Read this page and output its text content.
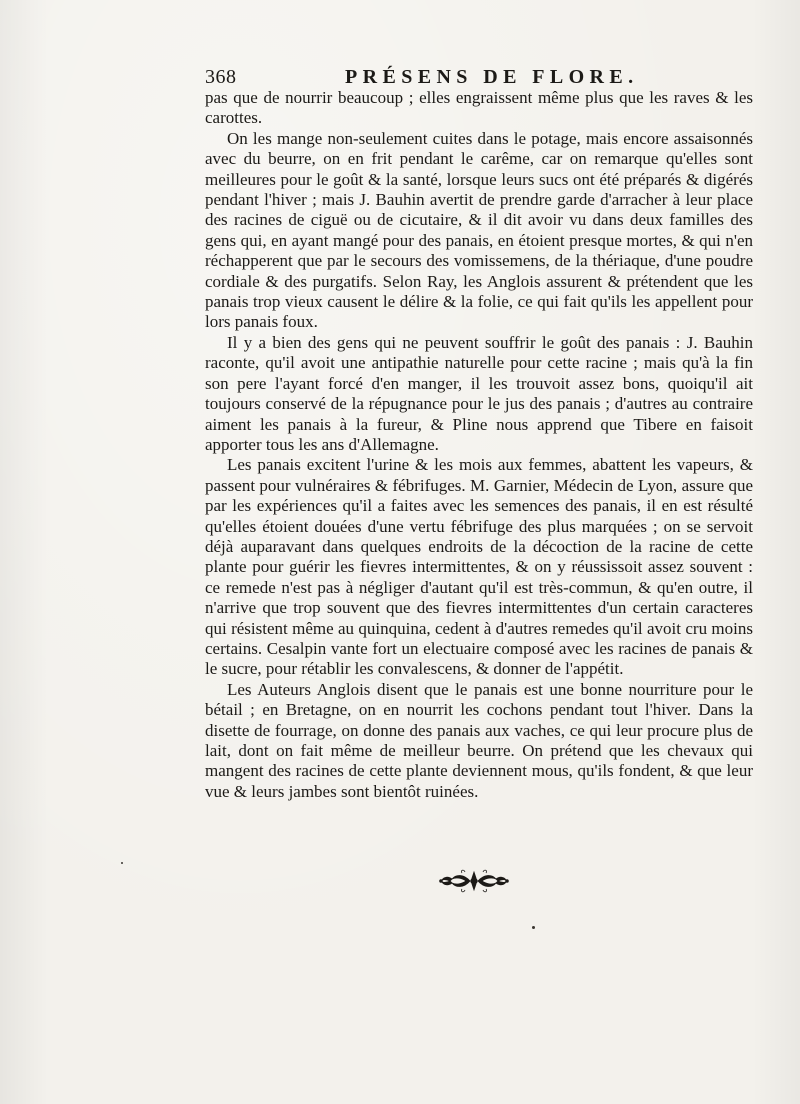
368	PRÉSENS DE FLORE.

pas que de nourrir beaucoup ; elles engraissent même plus que les raves & les carottes.

On les mange non-seulement cuites dans le potage, mais encore assaisonnés avec du beurre, on en frit pendant le carême, car on remarque qu'elles sont meilleures pour le goût & la santé, lorsque leurs sucs ont été préparés & digérés pendant l'hiver ; mais J. Bauhin avertit de prendre garde d'arracher à leur place des racines de ciguë ou de cicutaire, & il dit avoir vu dans deux familles des gens qui, en ayant mangé pour des panais, en étoient presque mortes, & qui n'en réchapperent que par le secours des vomissemens, de la thériaque, d'une poudre cordiale & des purgatifs. Selon Ray, les Anglois assurent & prétendent que les panais trop vieux causent le délire & la folie, ce qui fait qu'ils les appellent pour lors panais foux.

Il y a bien des gens qui ne peuvent souffrir le goût des panais : J. Bauhin raconte, qu'il avoit une antipathie naturelle pour cette racine ; mais qu'à la fin son pere l'ayant forcé d'en manger, il les trouvoit assez bons, quoiqu'il ait toujours conservé de la répugnance pour le jus des panais ; d'autres au contraire aiment les panais à la fureur, & Pline nous apprend que Tibere en faisoit apporter tous les ans d'Allemagne.

Les panais excitent l'urine & les mois aux femmes, abattent les vapeurs, & passent pour vulnéraires & fébrifuges. M. Garnier, Médecin de Lyon, assure que par les expériences qu'il a faites avec les semences des panais, il en est résulté qu'elles étoient douées d'une vertu fébrifuge des plus marquées ; on se servoit déjà auparavant dans quelques endroits de la décoction de la racine de cette plante pour guérir les fievres intermittentes, & on y réussissoit assez souvent : ce remede n'est pas à négliger d'autant qu'il est très-commun, & qu'en outre, il n'arrive que trop souvent que des fievres intermittentes d'un certain caracteres qui résistent même au quinquina, cedent à d'autres remedes qu'il avoit cru moins certains. Cesalpin vante fort un electuaire composé avec les racines de panais & le sucre, pour rétablir les convalescens, & donner de l'appétit.

Les Auteurs Anglois disent que le panais est une bonne nourriture pour le bétail ; en Bretagne, on en nourrit les cochons pendant tout l'hiver. Dans la disette de fourrage, on donne des panais aux vaches, ce qui leur procure plus de lait, dont on fait même de meilleur beurre. On prétend que les chevaux qui mangent des racines de cette plante deviennent mous, qu'ils fondent, & que leur vue & leurs jambes sont bientôt ruinées.
